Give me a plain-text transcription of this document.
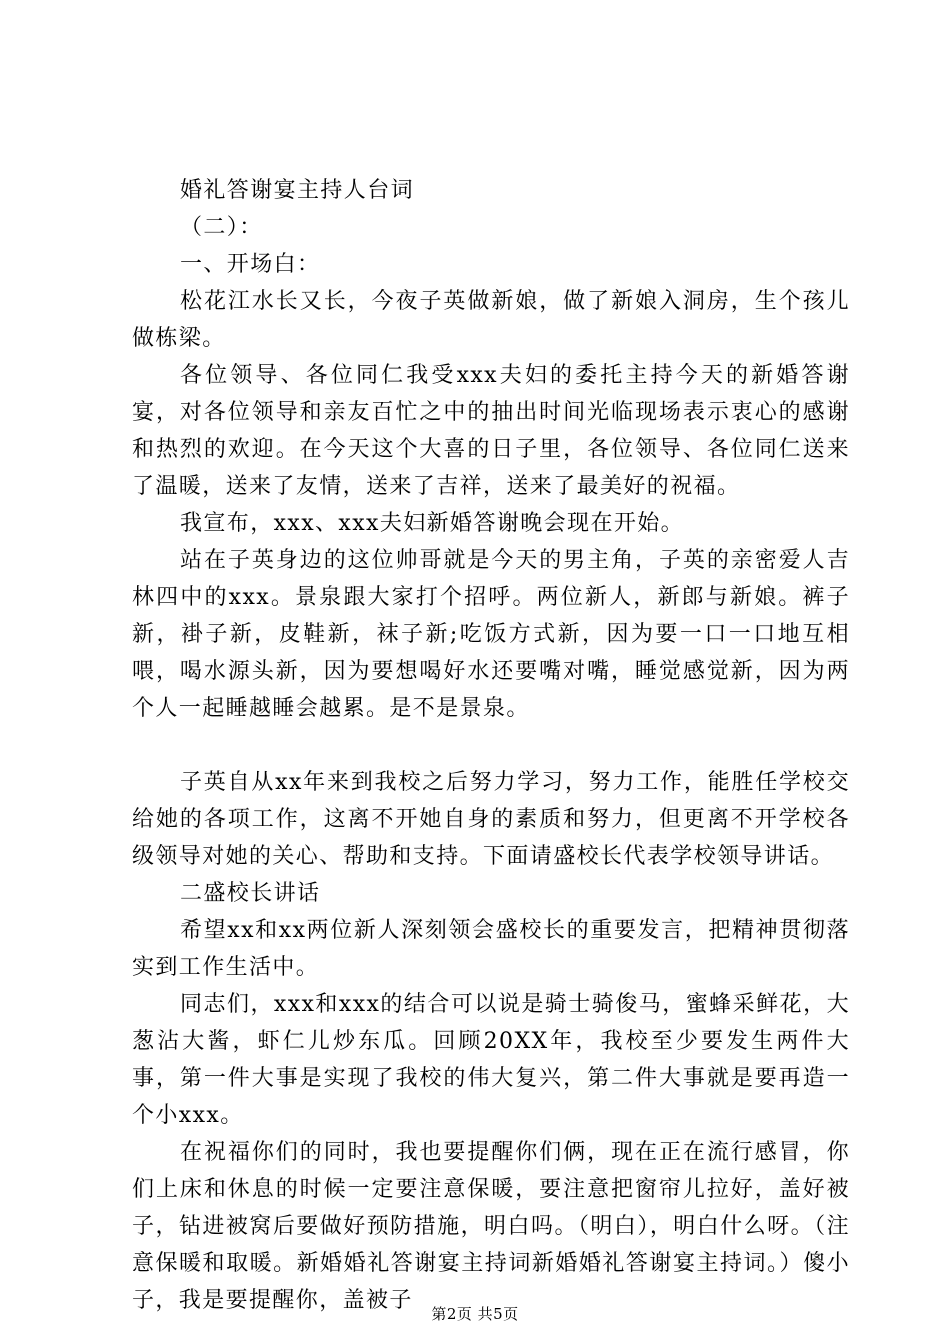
婚礼答谢宴主持人台词

（二）：

一、开场白：

松花江水长又长，今夜子英做新娘，做了新娘入洞房，生个孩儿做栋梁。

各位领导、各位同仁我受xxx夫妇的委托主持今天的新婚答谢宴，对各位领导和亲友百忙之中的抽出时间光临现场表示衷心的感谢和热烈的欢迎。在今天这个大喜的日子里，各位领导、各位同仁送来了温暖，送来了友情，送来了吉祥，送来了最美好的祝福。

我宣布，xxx、xxx夫妇新婚答谢晚会现在开始。

站在子英身边的这位帅哥就是今天的男主角，子英的亲密爱人吉林四中的xxx。景泉跟大家打个招呼。两位新人，新郎与新娘。裤子新，褂子新，皮鞋新，袜子新;吃饭方式新，因为要一口一口地互相喂，喝水源头新，因为要想喝好水还要嘴对嘴，睡觉感觉新，因为两个人一起睡越睡会越累。是不是景泉。

子英自从xx年来到我校之后努力学习，努力工作，能胜任学校交给她的各项工作，这离不开她自身的素质和努力，但更离不开学校各级领导对她的关心、帮助和支持。下面请盛校长代表学校领导讲话。

二盛校长讲话

希望xx和xx两位新人深刻领会盛校长的重要发言，把精神贯彻落实到工作生活中。

同志们，xxx和xxx的结合可以说是骑士骑俊马，蜜蜂采鲜花，大葱沾大酱，虾仁儿炒东瓜。回顾20XX年，我校至少要发生两件大事，第一件大事是实现了我校的伟大复兴，第二件大事就是要再造一个小xxx。

在祝福你们的同时，我也要提醒你们俩，现在正在流行感冒，你们上床和休息的时候一定要注意保暖，要注意把窗帘儿拉好，盖好被子，钻进被窝后要做好预防措施，明白吗。（明白），明白什么呀。（注意保暖和取暖。新婚婚礼答谢宴主持词新婚婚礼答谢宴主持词。）傻小子，我是要提醒你，盖被子

第2页 共5页
